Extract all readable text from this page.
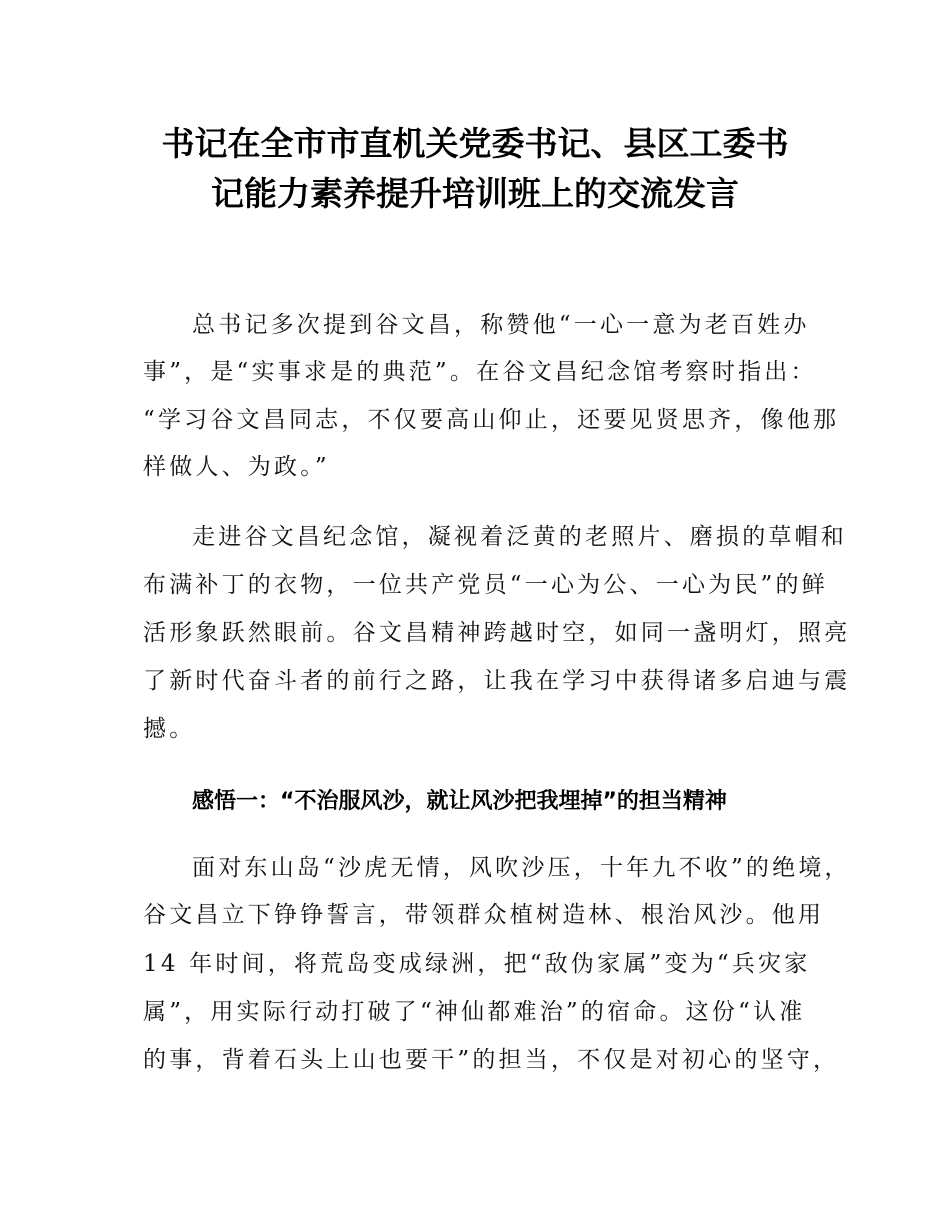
书记在全市市直机关党委书记、县区工委书
记能力素养提升培训班上的交流发言

总书记多次提到谷文昌，称赞他“一心一意为老百姓办

事”，是“实事求是的典范”。在谷文昌纪念馆考察时指出：

“学习谷文昌同志，不仅要高山仰止，还要见贤思齐，像他那

样做人、为政。”

走进谷文昌纪念馆，凝视着泛黄的老照片、磨损的草帽和

布满补丁的衣物，一位共产党员“一心为公、一心为民”的鲜

活形象跃然眼前。谷文昌精神跨越时空，如同一盏明灯，照亮

了新时代奋斗者的前行之路，让我在学习中获得诸多启迪与震

撼。

感悟一：“不治服风沙，就让风沙把我埋掉”的担当精神

面对东山岛“沙虎无情，风吹沙压，十年九不收”的绝境，

谷文昌立下铮铮誓言，带领群众植树造林、根治风沙。他用

14 年时间，将荒岛变成绿洲，把“敌伪家属”变为“兵灾家

属”，用实际行动打破了“神仙都难治”的宿命。这份“认准

的事，背着石头上山也要干”的担当，不仅是对初心的坚守，
